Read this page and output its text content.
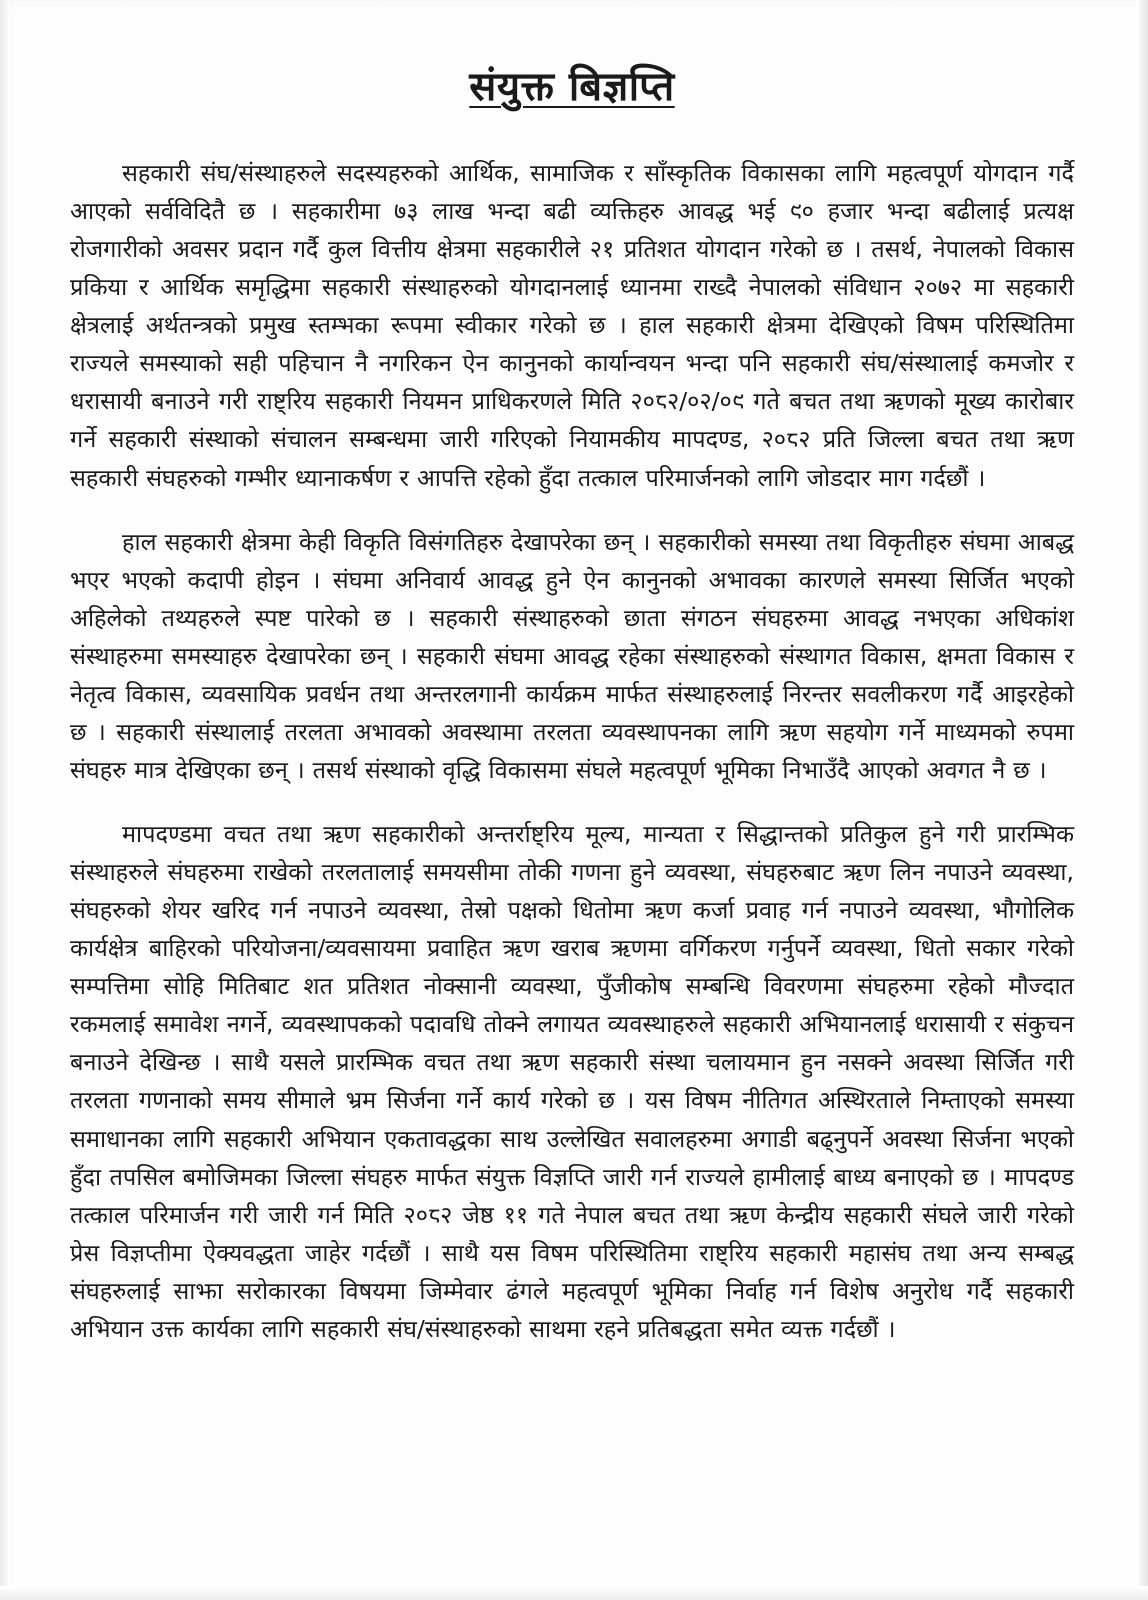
संयुक्त बिज्ञप्ति

सहकारी संघ/संस्थाहरुले सदस्यहरुको आर्थिक, सामाजिक र साँस्कृतिक विकासका लागि महत्वपूर्ण योगदान गर्दै आएको सर्वविदितै छ । सहकारीमा ७३ लाख भन्दा बढी व्यक्तिहरु आवद्ध भई ९० हजार भन्दा बढीलाई प्रत्यक्ष रोजगारीको अवसर प्रदान गर्दै कुल वित्तीय क्षेत्रमा सहकारीले २१ प्रतिशत योगदान गरेको छ । तसर्थ, नेपालको विकास प्रकिया र आर्थिक समृद्धिमा सहकारी संस्थाहरुको योगदानलाई ध्यानमा राख्दै नेपालको संविधान २०७२ मा सहकारी क्षेत्रलाई अर्थतन्त्रको प्रमुख स्तम्भका रूपमा स्वीकार गरेको छ । हाल सहकारी क्षेत्रमा देखिएको विषम परिस्थितिमा राज्यले समस्याको सही पहिचान नै नगरिकन ऐन कानुनको कार्यान्वयन भन्दा पनि सहकारी संघ/संस्थालाई कमजोर र धरासायी बनाउने गरी राष्ट्रिय सहकारी नियमन प्राधिकरणले मिति २०८२/०२/०९ गते बचत तथा ऋणको मूख्य कारोबार गर्ने सहकारी संस्थाको संचालन सम्बन्धमा जारी गरिएको नियामकीय मापदण्ड, २०८२ प्रति जिल्ला बचत तथा ऋण सहकारी संघहरुको गम्भीर ध्यानाकर्षण र आपत्ति रहेको हुँदा तत्काल परिमार्जनको लागि जोडदार माग गर्दछौं ।

हाल सहकारी क्षेत्रमा केही विकृति विसंगतिहरु देखापरेका छन् । सहकारीको समस्या तथा विकृतीहरु संघमा आबद्ध भएर भएको कदापी होइन । संघमा अनिवार्य आवद्ध हुने ऐन कानुनको अभावका कारणले समस्या सिर्जित भएको अहिलेको तथ्यहरुले स्पष्ट पारेको छ । सहकारी संस्थाहरुको छाता संगठन संघहरुमा आवद्ध नभएका अधिकांश संस्थाहरुमा समस्याहरु देखापरेका छन् । सहकारी संघमा आवद्ध रहेका संस्थाहरुको संस्थागत विकास, क्षमता विकास र नेतृत्व विकास, व्यवसायिक प्रवर्धन तथा अन्तरलगानी कार्यक्रम मार्फत संस्थाहरुलाई निरन्तर सवलीकरण गर्दै आइरहेको छ । सहकारी संस्थालाई तरलता अभावको अवस्थामा तरलता व्यवस्थापनका लागि ऋण सहयोग गर्ने माध्यमको रुपमा संघहरु मात्र देखिएका छन् । तसर्थ संस्थाको वृद्धि विकासमा संघले महत्वपूर्ण भूमिका निभाउँदै आएको अवगत नै छ ।

मापदण्डमा वचत तथा ऋण सहकारीको अन्तर्राष्ट्रिय मूल्य, मान्यता र सिद्धान्तको प्रतिकुल हुने गरी प्रारम्भिक संस्थाहरुले संघहरुमा राखेको तरलतालाई समयसीमा तोकी गणना हुने व्यवस्था, संघहरुबाट ऋण लिन नपाउने व्यवस्था, संघहरुको शेयर खरिद गर्न नपाउने व्यवस्था, तेस्रो पक्षको धितोमा ऋण कर्जा प्रवाह गर्न नपाउने व्यवस्था, भौगोलिक कार्यक्षेत्र बाहिरको परियोजना/व्यवसायमा प्रवाहित ऋण खराब ऋणमा वर्गिकरण गर्नुपर्ने व्यवस्था, धितो सकार गरेको सम्पत्तिमा सोहि मितिबाट शत प्रतिशत नोक्सानी व्यवस्था, पुँजीकोष सम्बन्धि विवरणमा संघहरुमा रहेको मौज्दात रकमलाई समावेश नगर्ने, व्यवस्थापकको पदावधि तोक्ने लगायत व्यवस्थाहरुले सहकारी अभियानलाई धरासायी र संकुचन बनाउने देखिन्छ । साथै यसले प्रारम्भिक वचत तथा ऋण सहकारी संस्था चलायमान हुन नसक्ने अवस्था सिर्जित गरी तरलता गणनाको समय सीमाले भ्रम सिर्जना गर्ने कार्य गरेको छ । यस विषम नीतिगत अस्थिरताले निम्ताएको समस्या समाधानका लागि सहकारी अभियान एकतावद्धका साथ उल्लेखित सवालहरुमा अगाडी बढ्नुपर्ने अवस्था सिर्जना भएको हुँदा तपसिल बमोजिमका जिल्ला संघहरु मार्फत संयुक्त विज्ञप्ति जारी गर्न राज्यले हामीलाई बाध्य बनाएको छ । मापदण्ड तत्काल परिमार्जन गरी जारी गर्न मिति २०८२ जेष्ठ ११ गते नेपाल बचत तथा ऋण केन्द्रीय सहकारी संघले जारी गरेको प्रेस विज्ञप्तीमा ऐक्यवद्धता जाहेर गर्दछौं । साथै यस विषम परिस्थितिमा राष्ट्रिय सहकारी महासंघ तथा अन्य सम्बद्ध संघहरुलाई साझा सरोकारका विषयमा जिम्मेवार ढंगले महत्वपूर्ण भूमिका निर्वाह गर्न विशेष अनुरोध गर्दै सहकारी अभियान उक्त कार्यका लागि सहकारी संघ/संस्थाहरुको साथमा रहने प्रतिबद्धता समेत व्यक्त गर्दछौं ।
